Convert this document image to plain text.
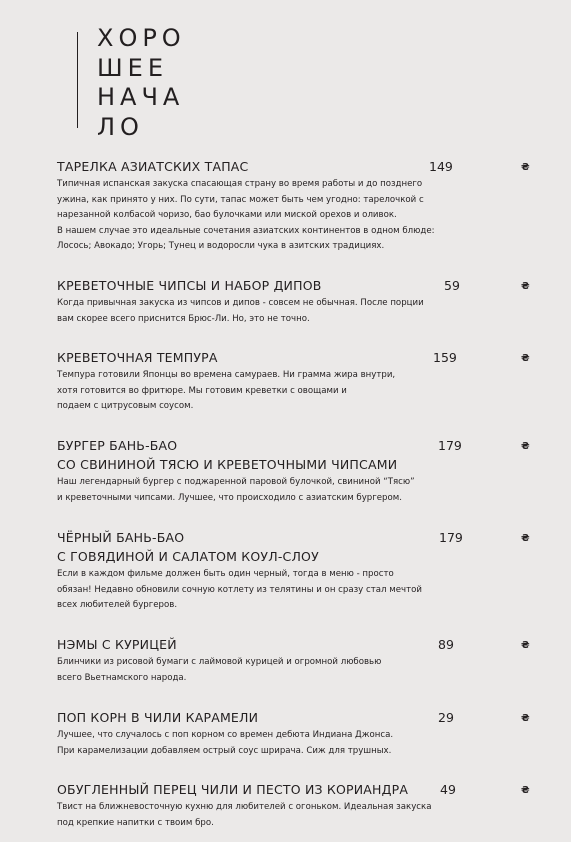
ХОРО
ШЕЕ
НАЧА
ЛО
ТАРЕЛКА АЗИАТСКИХ ТАПАС
Типичная испанская закуска спасающая страну во время работы и до позднего
ужина, как принято у них. По сути, тапас может быть чем угодно: тарелочкой с
нарезанной колбасой чоризо, бао булочками или миской орехов и оливок.
В нашем случае это идеальные сочетания азиатских континентов в одном блюде:
Лосось; Авокадо; Угорь; Тунец и водоросли чука в азитских традициях.
149	₴
КРЕВЕТОЧНЫЕ ЧИПСЫ И НАБОР ДИПОВ
Когда привычная закуска из чипсов и дипов - совсем не обычная. После порции
вам скорее всего приснится Брюс-Ли. Но, это не точно.
59	₴
КРЕВЕТОЧНАЯ ТЕМПУРА
Темпура готовили Японцы во времена самураев. Ни грамма жира внутри,
хотя готовится во фритюре. Мы готовим креветки с овощами и
подаем с цитрусовым соусом.
159	₴
БУРГЕР БАНЬ-БАО
СО СВИНИНОЙ ТЯСЮ И КРЕВЕТОЧНЫМИ ЧИПСАМИ
Наш легендарный бургер с поджаренной паровой булочкой, свининой “Тясю”
и креветочными чипсами. Лучшее, что происходило с азиатским бургером.
179	₴
ЧЁРНЫЙ БАНЬ-БАО
С ГОВЯДИНОЙ И САЛАТОМ КОУЛ-СЛОУ
Если в каждом фильме должен быть один черный, тогда в меню - просто
обязан! Недавно обновили сочную котлету из телятины и он сразу стал мечтой
всех любителей бургеров.
179	₴
НЭМЫ С КУРИЦЕЙ
Блинчики из рисовой бумаги с лаймовой курицей и огромной любовью
всего Вьетнамского народа.
89	₴
ПОП КОРН В ЧИЛИ КАРАМЕЛИ
Лучшее, что случалось с поп корном со времен дебюта Индиана Джонса.
При карамелизации добавляем острый соус шрирача. Сиж для трушных.
29	₴
ОБУГЛЕННЫЙ ПЕРЕЦ ЧИЛИ И ПЕСТО ИЗ КОРИАНДРА
Твист на ближневосточную кухню для любителей с огоньком. Идеальная закуска
под крепкие напитки с твоим бро.
49	₴
